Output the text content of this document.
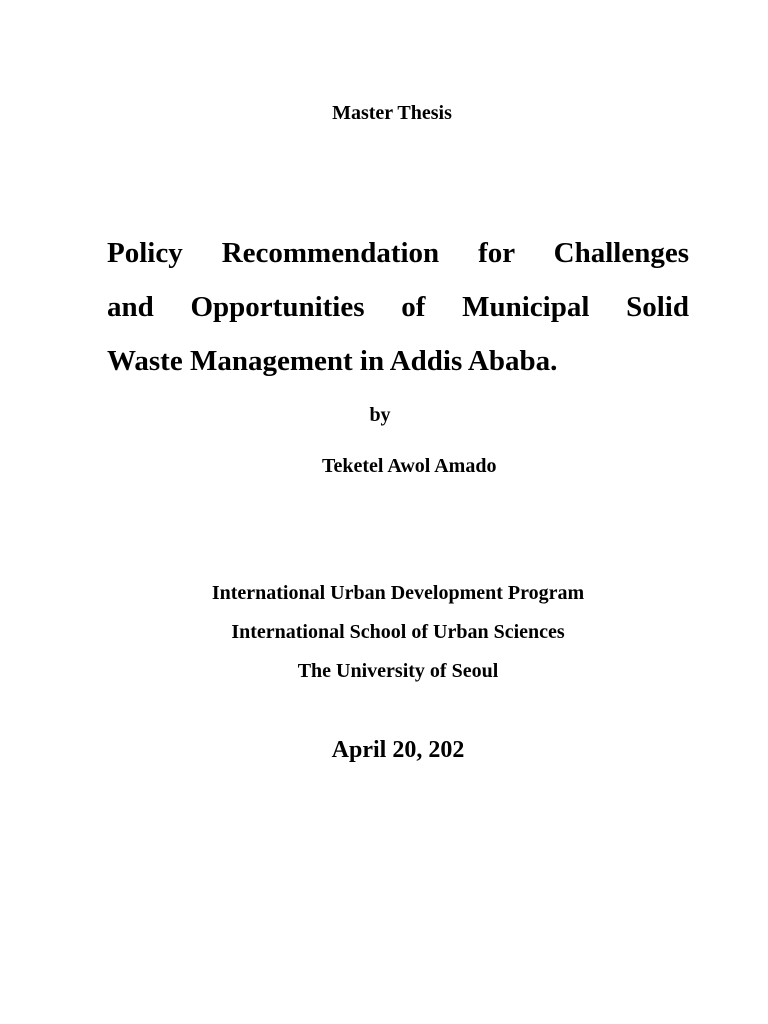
Master Thesis
Policy Recommendation for Challenges
and Opportunities of Municipal Solid
Waste Management in Addis Ababa.
by
Teketel Awol Amado
International Urban Development Program
International School of Urban Sciences
The University of Seoul
April 20, 202
